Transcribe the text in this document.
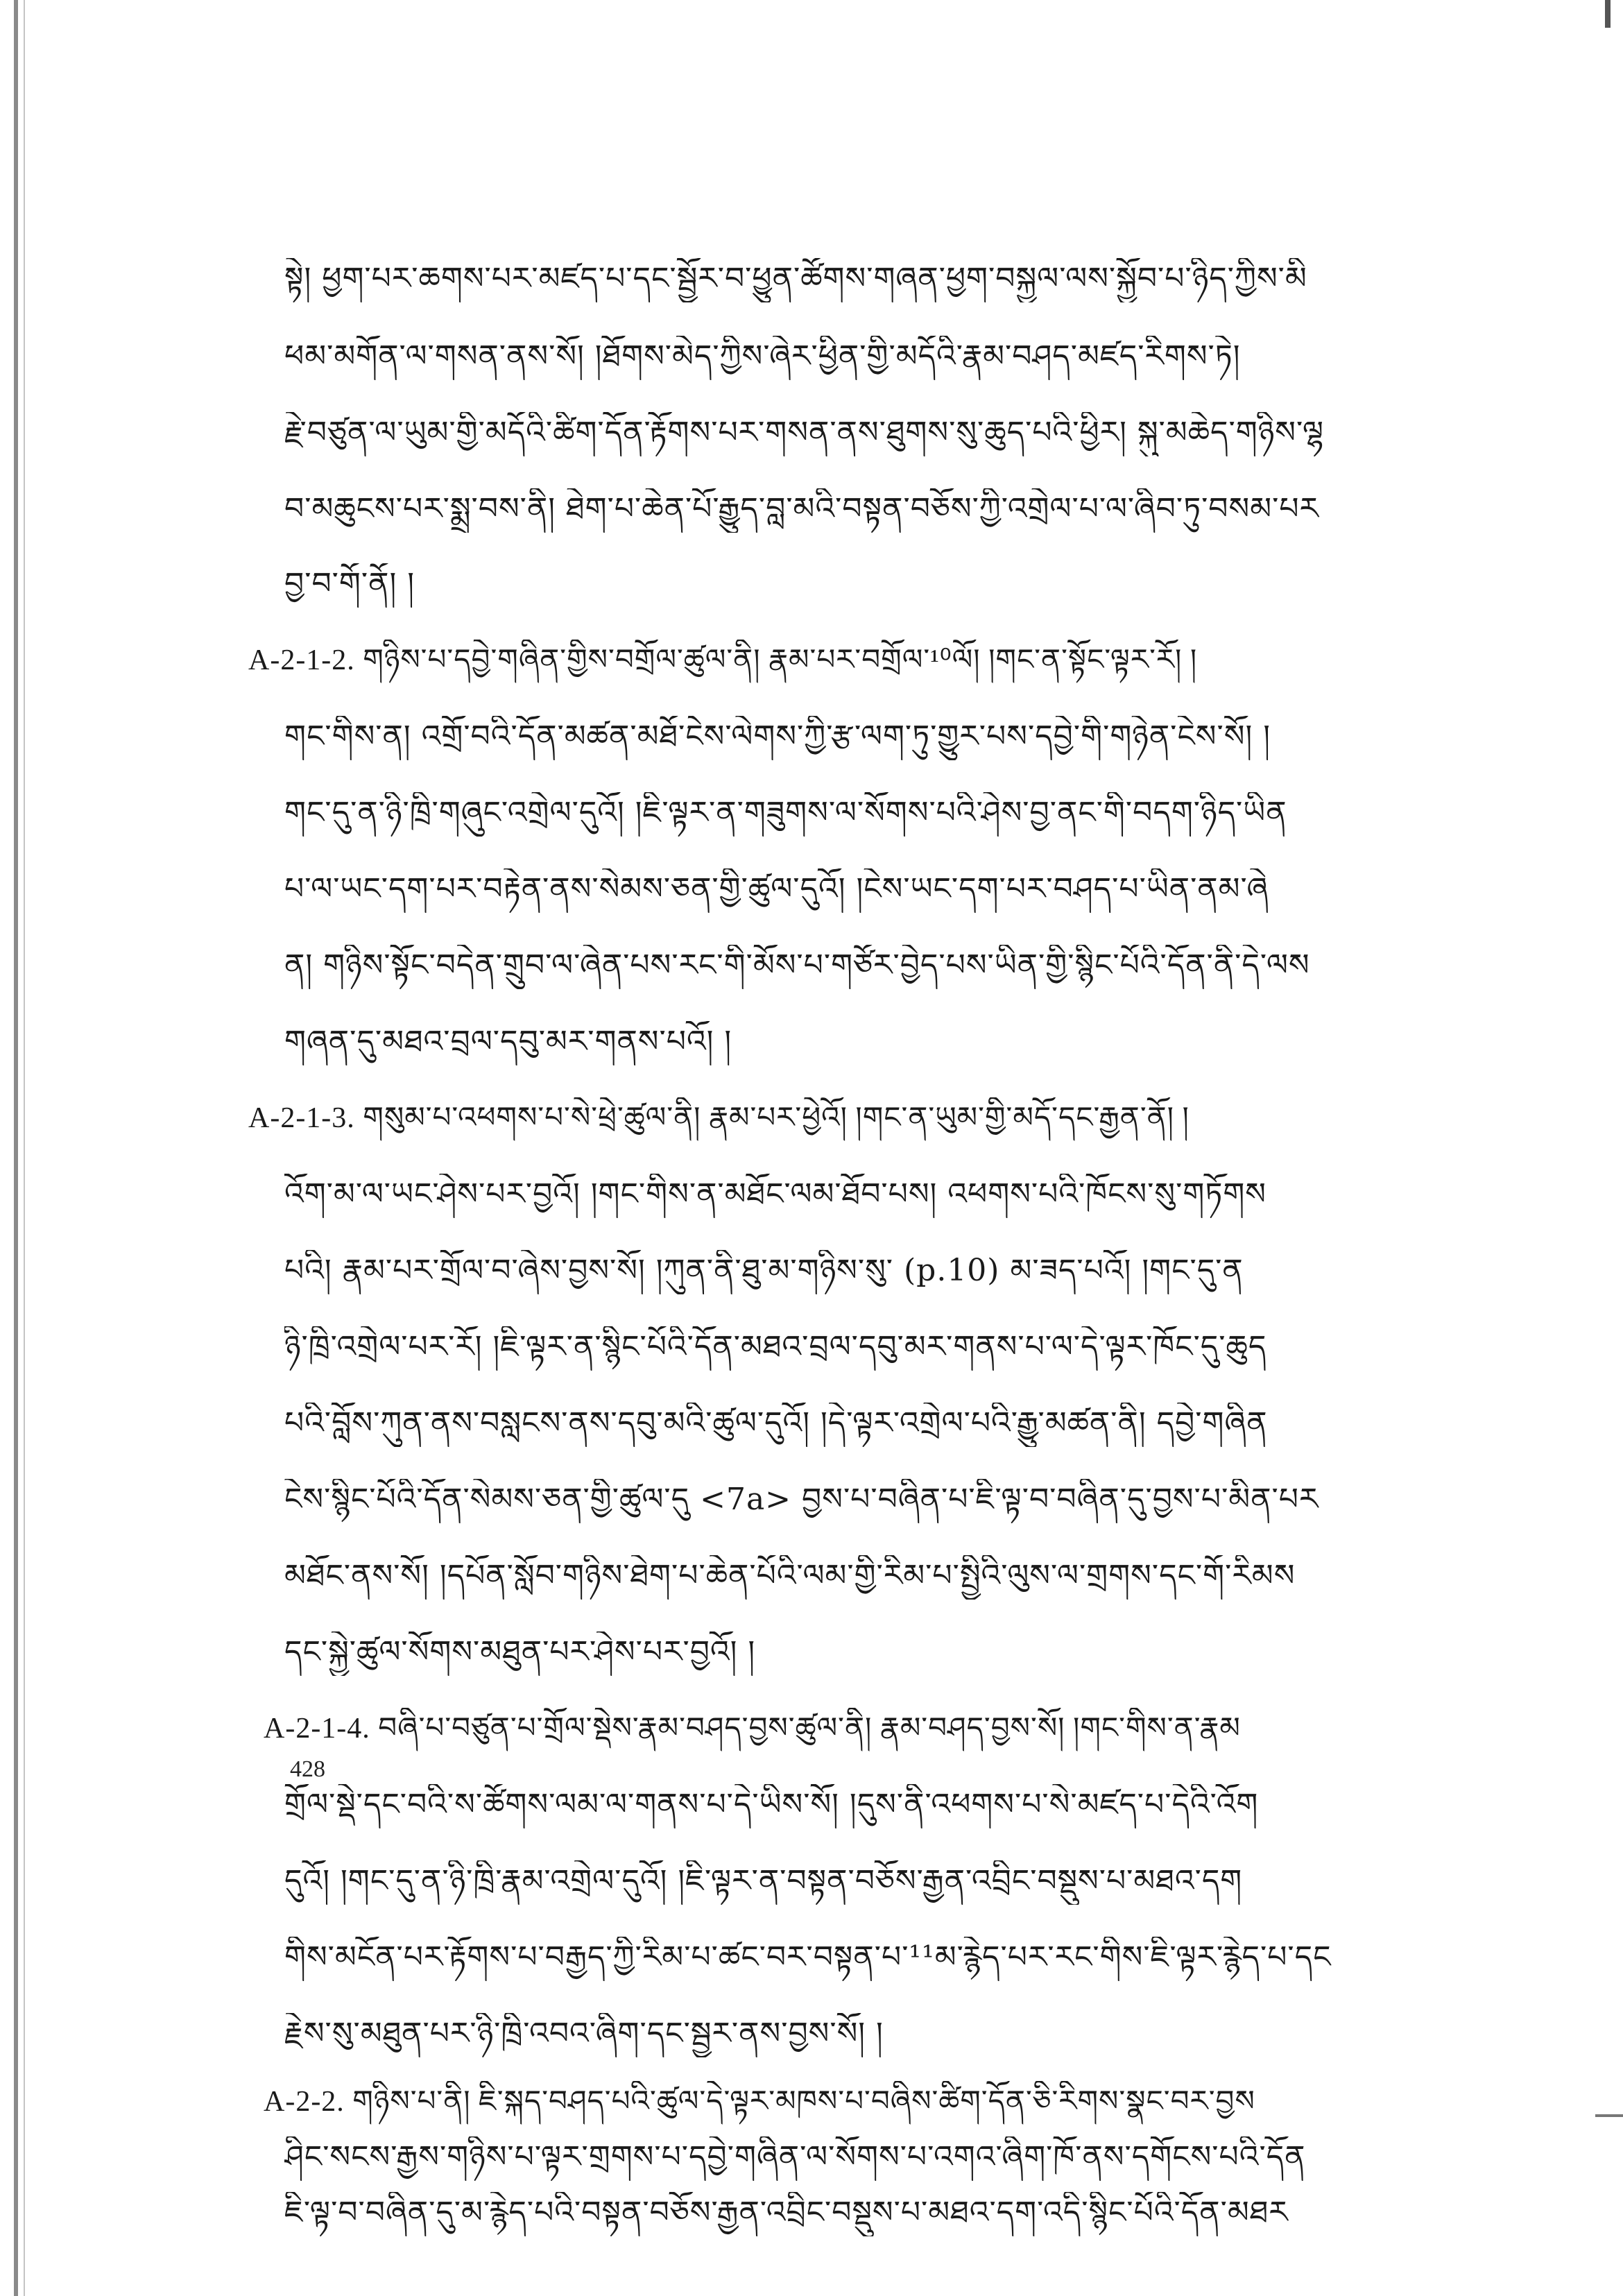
སྟེ། ཕྱག་པར་ཆགས་པར་མཛད་པ་དང་སྦྱོར་བ་ཕྱུན་ཚོགས་གཞན་ཕྱག་བསྐྱལ་ལས་སྐྱོབ་པ་ཉིད་ཀྱིས་མི
ཕམ་མགོན་ལ་གསན་ནས་སོ། །ཐོགས་མེད་ཀྱིས་ཞེར་ཕྱིན་གྱི་མདོའི་རྣམ་བཤད་མཛད་རིགས་ཏེ།
རྗེ་བཙུན་ལ་ཡུམ་གྱི་མདོའི་ཚིག་དོན་རྟོགས་པར་གསན་ནས་ཐུགས་སུ་ཆུད་པའི་ཕྱིར། སྐུ་མཆེད་གཉིས་ལྷ
བ་མཆུངས་པར་སྨྲ་བས་ནི། ཐེག་པ་ཆེན་པོ་རྒྱུད་བླ་མའི་བསྟན་བཅོས་ཀྱི་འགྲེལ་པ་ལ་ཞིབ་ཏུ་བསམ་པར
བྱ་བ་གོ་ནོ། །
A-2-1-2. གཉིས་པ་དབྱེ་གཞིན་གྱིས་བགྲོལ་ཚུལ་ནི། རྣམ་པར་བགྲོལ་¹⁰ལོ། །གང་ན་སྟོང་ལྟར་རོ། །
གང་གིས་ན། འགྲོ་བའི་དོན་མཚན་མཐོ་ངེས་ལེགས་ཀྱི་རྩ་ལག་ཏུ་གྱུར་པས་དབྱེ་གི་གཉེན་ངེས་སོ། །
གང་དུ་ན་ཉི་ཁྲི་གཞུང་འགྲེལ་དུའོ། །ཇི་ལྟར་ན་གཟུགས་ལ་སོགས་པའི་ཤེས་བྱ་ནང་གི་བདག་ཉིད་ཡིན
པ་ལ་ཡང་དག་པར་བརྟེན་ནས་སེམས་ཅན་གྱི་ཚུལ་དུའོ། །ངེས་ཡང་དག་པར་བཤད་པ་ཡིན་ནམ་ཞེ
ན། གཉིས་སྟོང་བདེན་གྲུབ་ལ་ཞེན་པས་རང་གི་མོས་པ་གཙོར་བྱེད་པས་ཡིན་གྱི་སྙིང་པོའི་དོན་ནི་དེ་ལས
གཞན་དུ་མཐའ་བྲལ་དབུ་མར་གནས་པའོ། །
A-2-1-3. གསུམ་པ་འཕགས་པ་སེ་ཕྲེ་ཚུལ་ནི། རྣམ་པར་ཕྱེའོ། །གང་ན་ཡུམ་གྱི་མདོ་དང་རྒྱན་ནོ། །
འོག་མ་ལ་ཡང་ཤེས་པར་བྱའོ། །གང་གིས་ན་མཐོང་ལམ་ཐོབ་པས། འཕགས་པའི་ཁོངས་སུ་གཏོགས
པའི། རྣམ་པར་གྲོལ་བ་ཞེས་བྱས་སོ། །ཀུན་ནི་ཐུ་མ་གཉིས་སུ་ (p.10) མ་ཟད་པའོ། །གང་དུ་ན
ཉི་ཁྲི་འགྲེལ་པར་རོ། །ཇི་ལྟར་ན་སྙིང་པོའི་དོན་མཐའ་བྲལ་དབུ་མར་གནས་པ་ལ་དེ་ལྟར་ཁོང་དུ་ཆུད
པའི་བློས་ཀུན་ནས་བསླངས་ནས་དབུ་མའི་ཚུལ་དུའོ། །དེ་ལྟར་འགྲེལ་པའི་རྒྱུ་མཚན་ནི། དབྱེ་གཞིན
ངེས་སྙིང་པོའི་དོན་སེམས་ཅན་གྱི་ཚུལ་དུ <7a> བྱས་པ་བཞིན་པ་ཇི་ལྟ་བ་བཞིན་དུ་བྱས་པ་མིན་པར
མཐོང་ནས་སོ། །དཔོན་སློབ་གཉིས་ཐེག་པ་ཆེན་པོའི་ལམ་གྱི་རིམ་པ་སྤྱིའི་ལུས་ལ་གྲགས་དང་གོ་རིམས
དང་སྐྱེ་ཚུལ་སོགས་མཐུན་པར་ཤེས་པར་བྱའོ། །
A-2-1-4. བཞི་པ་བཙུན་པ་གྲོལ་སྡེས་རྣམ་བཤད་བྱས་ཚུལ་ནི། རྣམ་བཤད་བྱས་སོ། །གང་གིས་ན་རྣམ
གྲོལ་སྡེ་དང་བའི་ས་ཚོགས་ལམ་ལ་གནས་པ་དེ་ཡིས་སོ། །དུས་ནི་འཕགས་པ་སེ་མཛད་པ་དེའི་འོག
དུའོ། །གང་དུ་ན་ཉི་ཁྲི་རྣམ་འགྲེལ་དུའོ། །ཇི་ལྟར་ན་བསྟན་བཅོས་རྒྱན་འབྲིང་བསྡུས་པ་མཐའ་དག
གིས་མངོན་པར་རྟོགས་པ་བརྒྱད་ཀྱི་རིམ་པ་ཚང་བར་བསྟན་པ་¹¹མ་རྙེད་པར་རང་གིས་ཇི་ལྟར་རྙེད་པ་དང
རྗེས་སུ་མཐུན་པར་ཉི་ཁྲི་འབའ་ཞིག་དང་སྦྱར་ནས་བྱས་སོ། །
A-2-2. གཉིས་པ་ནི། ཇི་སྐད་བཤད་པའི་ཚུལ་དེ་ལྟར་མཁས་པ་བཞིས་ཚིག་དོན་ཅི་རིགས་སྣང་བར་བྱས
ཤིང་སངས་རྒྱས་གཉིས་པ་ལྟར་གྲགས་པ་དབྱེ་གཞིན་ལ་སོགས་པ་འགའ་ཞིག་ཁོ་ནས་དགོངས་པའི་དོན
ཇི་ལྟ་བ་བཞིན་དུ་མ་རྙེད་པའི་བསྟན་བཅོས་རྒྱན་འབྲིང་བསྡུས་པ་མཐའ་དག་འདི་སྙིང་པོའི་དོན་མཐར
428
